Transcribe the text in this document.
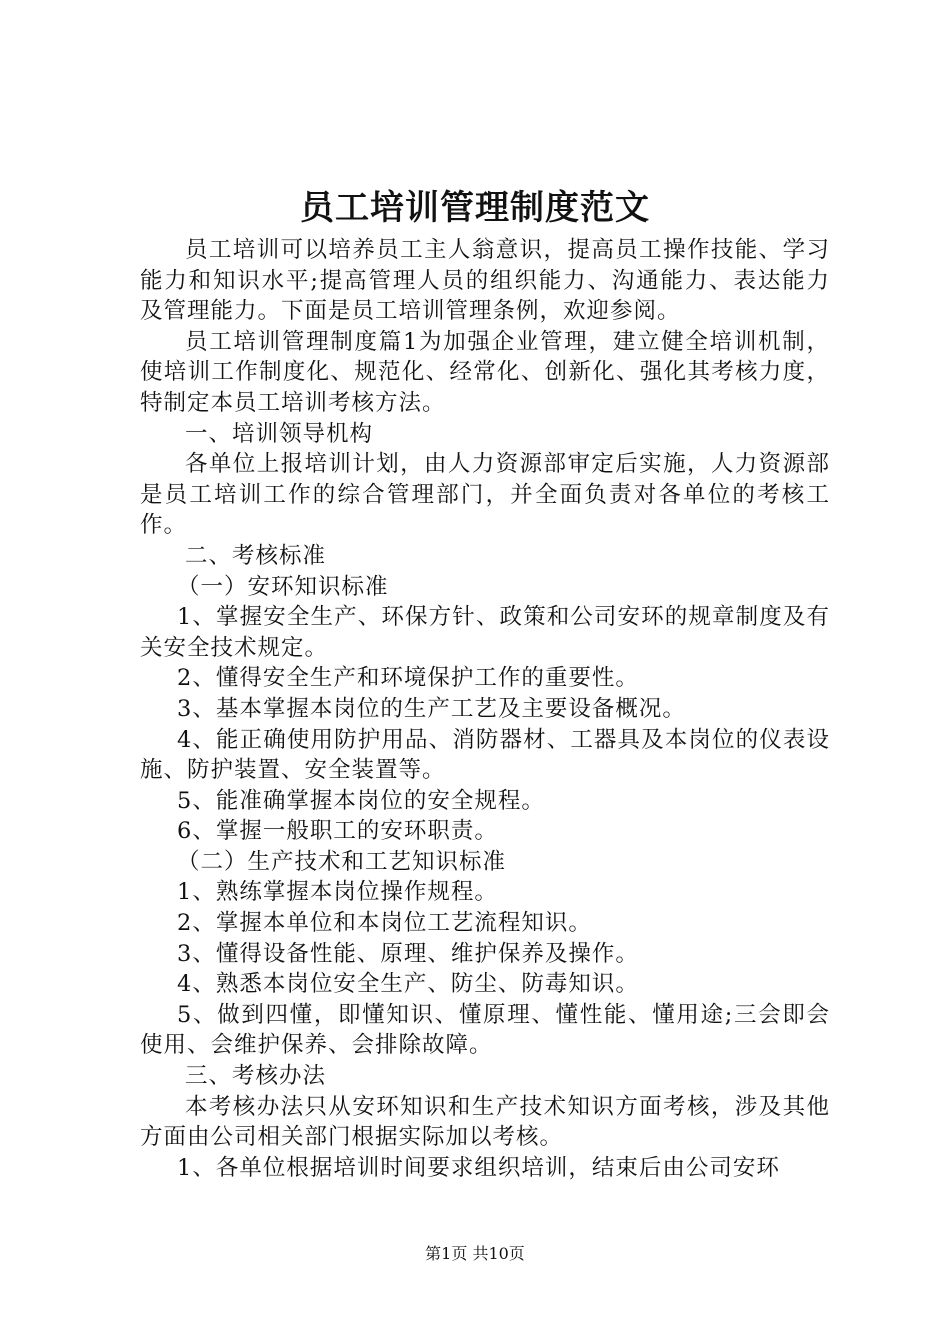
员工培训管理制度范文

员工培训可以培养员工主人翁意识，提高员工操作技能、学习能力和知识水平;提高管理人员的组织能力、沟通能力、表达能力及管理能力。下面是员工培训管理条例，欢迎参阅。

员工培训管理制度篇1为加强企业管理，建立健全培训机制，使培训工作制度化、规范化、经常化、创新化、强化其考核力度，特制定本员工培训考核方法。

一、培训领导机构

各单位上报培训计划，由人力资源部审定后实施，人力资源部是员工培训工作的综合管理部门，并全面负责对各单位的考核工作。

二、考核标准

（一）安环知识标准

1、掌握安全生产、环保方针、政策和公司安环的规章制度及有关安全技术规定。

2、懂得安全生产和环境保护工作的重要性。

3、基本掌握本岗位的生产工艺及主要设备概况。

4、能正确使用防护用品、消防器材、工器具及本岗位的仪表设施、防护装置、安全装置等。

5、能准确掌握本岗位的安全规程。

6、掌握一般职工的安环职责。

（二）生产技术和工艺知识标准

1、熟练掌握本岗位操作规程。

2、掌握本单位和本岗位工艺流程知识。

3、懂得设备性能、原理、维护保养及操作。

4、熟悉本岗位安全生产、防尘、防毒知识。

5、做到四懂，即懂知识、懂原理、懂性能、懂用途;三会即会使用、会维护保养、会排除故障。

三、考核办法

本考核办法只从安环知识和生产技术知识方面考核，涉及其他方面由公司相关部门根据实际加以考核。

1、各单位根据培训时间要求组织培训，结束后由公司安环

第1页 共10页
